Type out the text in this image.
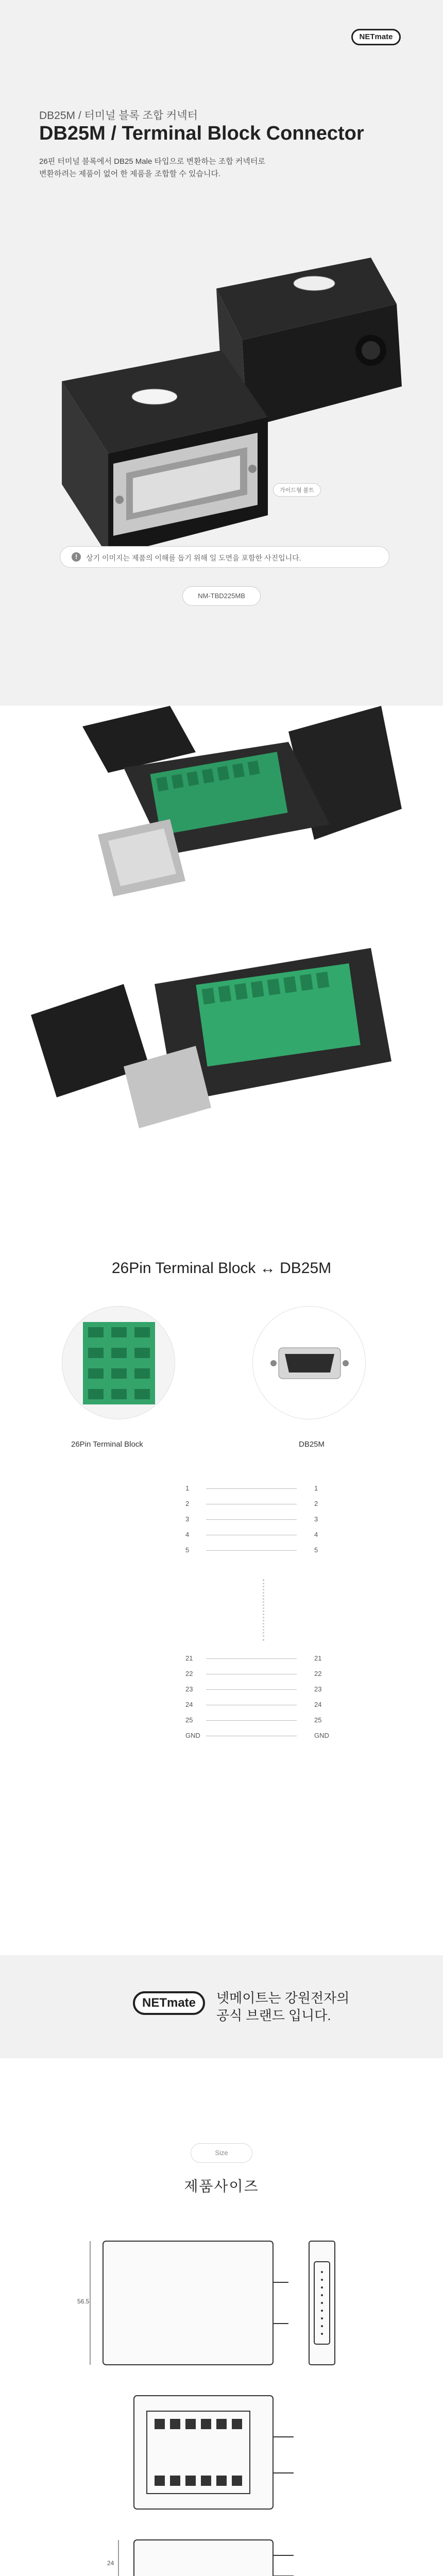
NETmate
DB25M / 터미널 블록 조합 커넥터
DB25M / Terminal Block Connector
26핀 터미널 블록에서 DB25 Male 타입으로 변환하는 조합 커넥터로
변환하려는 제품이 없어 한 제품을 조합할 수 있습니다.
가이드형 볼트
!	상기 이미지는 제품의 이해를 돕기 위해 일 도면을 포함한 사진입니다.
NM-TBD225MB
26Pin Terminal Block ↔ DB25M
26Pin Terminal Block	DB25M
1	1
2	2
3	3
4	4
5	5
21	21
22	22
23	23
24	24
25	25
GND	GND
NETmate	넷메이트는 강원전자의
공식 브랜드 입니다.
Size
제품사이즈
56.5
24
